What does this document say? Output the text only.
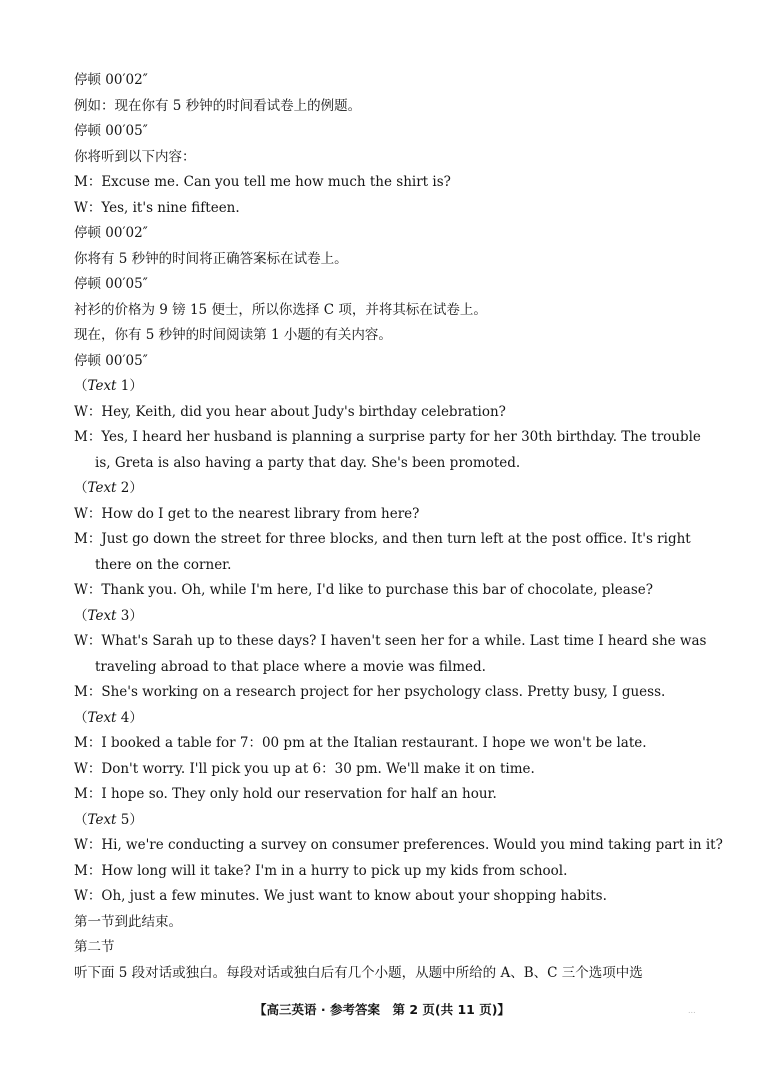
停顿 00′02″
例如：现在你有 5 秒钟的时间看试卷上的例题。
停顿 00′05″
你将听到以下内容：
M：Excuse me. Can you tell me how much the shirt is?
W：Yes, it's nine fifteen.
停顿 00′02″
你将有 5 秒钟的时间将正确答案标在试卷上。
停顿 00′05″
衬衫的价格为 9 镑 15 便士，所以你选择 C 项，并将其标在试卷上。
现在，你有 5 秒钟的时间阅读第 1 小题的有关内容。
停顿 00′05″
（Text 1）
W：Hey, Keith, did you hear about Judy's birthday celebration?
M：Yes, I heard her husband is planning a surprise party for her 30th birthday. The trouble
is, Greta is also having a party that day. She's been promoted.
（Text 2）
W：How do I get to the nearest library from here?
M：Just go down the street for three blocks, and then turn left at the post office. It's right
there on the corner.
W：Thank you. Oh, while I'm here, I'd like to purchase this bar of chocolate, please?
（Text 3）
W：What's Sarah up to these days? I haven't seen her for a while. Last time I heard she was
traveling abroad to that place where a movie was filmed.
M：She's working on a research project for her psychology class. Pretty busy, I guess.
（Text 4）
M：I booked a table for 7：00 pm at the Italian restaurant. I hope we won't be late.
W：Don't worry. I'll pick you up at 6：30 pm. We'll make it on time.
M：I hope so. They only hold our reservation for half an hour.
（Text 5）
W：Hi, we're conducting a survey on consumer preferences. Would you mind taking part in it?
M：How long will it take? I'm in a hurry to pick up my kids from school.
W：Oh, just a few minutes. We just want to know about your shopping habits.
第一节到此结束。
第二节
听下面 5 段对话或独白。每段对话或独白后有几个小题，从题中所给的 A、B、C 三个选项中选
【高三英语 · 参考答案　第 2 页(共 11 页)】	...
